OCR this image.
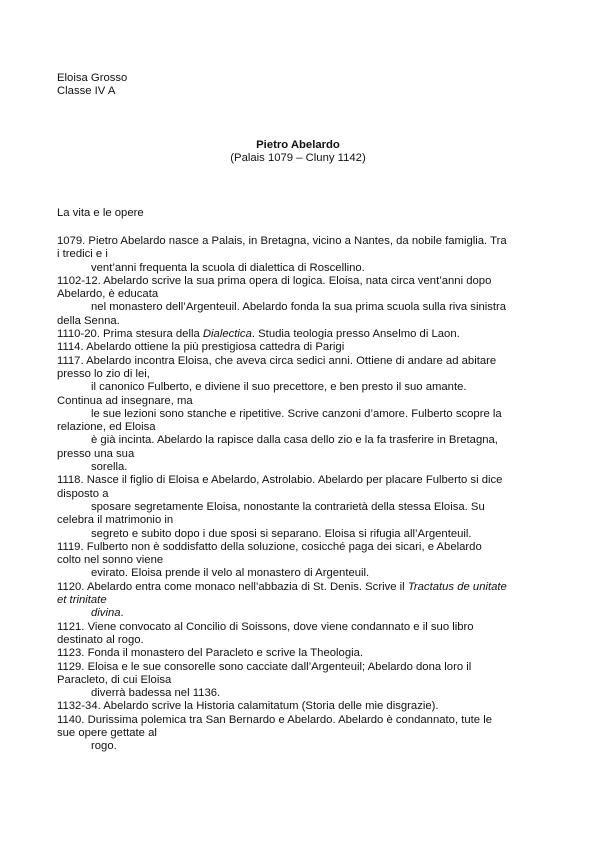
Eloisa Grosso
Classe IV A
Pietro Abelardo
(Palais 1079 – Cluny 1142)
La vita e le opere
1079. Pietro Abelardo nasce a Palais, in Bretagna, vicino a Nantes, da nobile famiglia. Tra
i tredici e i
vent’anni frequenta la scuola di dialettica di Roscellino.
1102-12. Abelardo scrive la sua prima opera di logica. Eloisa, nata circa vent’anni dopo
Abelardo, è educata
nel monastero dell’Argenteuil. Abelardo fonda la sua prima scuola sulla riva sinistra
della Senna.
1110-20. Prima stesura della Dialectica. Studia teologia presso Anselmo di Laon.
1114. Abelardo ottiene la più prestigiosa cattedra di Parigi
1117. Abelardo incontra Eloisa, che aveva circa sedici anni. Ottiene di andare ad abitare
presso lo zio di lei,
il canonico Fulberto, e diviene il suo precettore, e ben presto il suo amante.
Continua ad insegnare, ma
le sue lezioni sono stanche e ripetitive. Scrive canzoni d’amore. Fulberto scopre la
relazione, ed Eloisa
è già incinta. Abelardo la rapisce dalla casa dello zio e la fa trasferire in Bretagna,
presso una sua
sorella.
1118. Nasce il figlio di Eloisa e Abelardo, Astrolabio. Abelardo per placare Fulberto si dice
disposto a
sposare segretamente Eloisa, nonostante la contrarietà della stessa Eloisa. Su
celebra il matrimonio in
segreto e subito dopo i due sposi si separano. Eloisa si rifugia all’Argenteuil.
1119. Fulberto non è soddisfatto della soluzione, cosicché paga dei sicari, e Abelardo
colto nel sonno viene
evirato. Eloisa prende il velo al monastero di Argenteuil.
1120. Abelardo entra come monaco nell’abbazia di St. Denis. Scrive il Tractatus de unitate
et trinitate
divina.
1121. Viene convocato al Concilio di Soissons, dove viene condannato e il suo libro
destinato al rogo.
1123. Fonda il monastero del Paracleto e scrive la Theologia.
1129. Eloisa e le sue consorelle sono cacciate dall’Argenteuil; Abelardo dona loro il
Paracleto, di cui Eloisa
diverrà badessa nel 1136.
1132-34. Abelardo scrive la Historia calamitatum (Storia delle mie disgrazie).
1140. Durissima polemica tra San Bernardo e Abelardo. Abelardo è condannato, tute le
sue opere gettate al
rogo.
